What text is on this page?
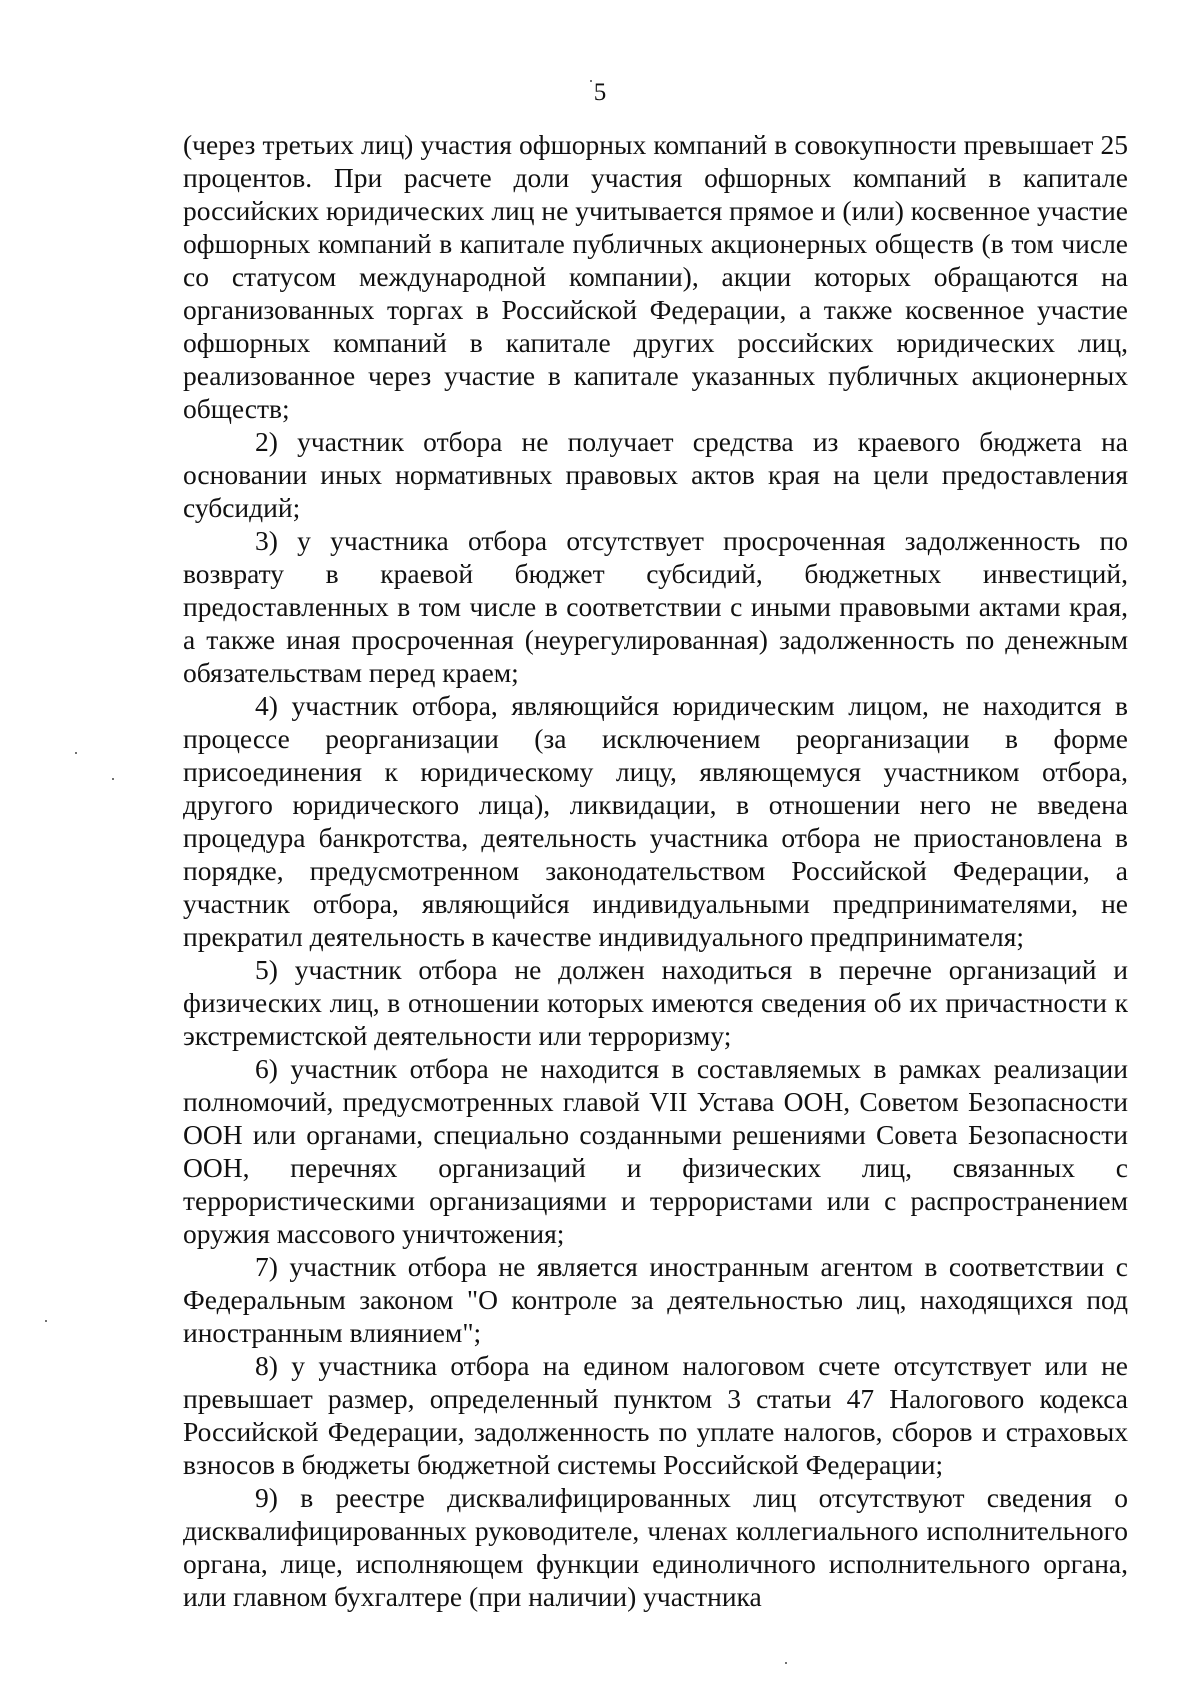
5

(через третьих лиц) участия офшорных компаний в совокупности превышает 25 процентов. При расчете доли участия офшорных компаний в капитале российских юридических лиц не учитывается прямое и (или) косвенное участие офшорных компаний в капитале публичных акционерных обществ (в том числе со статусом международной компании), акции которых обращаются на организованных торгах в Российской Федерации, а также косвенное участие офшорных компаний в капитале других российских юридических лиц, реализованное через участие в капитале указанных публичных акционерных обществ;

2) участник отбора не получает средства из краевого бюджета на основании иных нормативных правовых актов края на цели предоставления субсидий;

3) у участника отбора отсутствует просроченная задолженность по возврату в краевой бюджет субсидий, бюджетных инвестиций, предоставленных в том числе в соответствии с иными правовыми актами края, а также иная просроченная (неурегулированная) задолженность по денежным обязательствам перед краем;

4) участник отбора, являющийся юридическим лицом, не находится в процессе реорганизации (за исключением реорганизации в форме присоединения к юридическому лицу, являющемуся участником отбора, другого юридического лица), ликвидации, в отношении него не введена процедура банкротства, деятельность участника отбора не приостановлена в порядке, предусмотренном законодательством Российской Федерации, а участник отбора, являющийся индивидуальными предпринимателями, не прекратил деятельность в качестве индивидуального предпринимателя;

5) участник отбора не должен находиться в перечне организаций и физических лиц, в отношении которых имеются сведения об их причастности к экстремистской деятельности или терроризму;

6) участник отбора не находится в составляемых в рамках реализации полномочий, предусмотренных главой VII Устава ООН, Советом Безопасности ООН или органами, специально созданными решениями Совета Безопасности ООН, перечнях организаций и физических лиц, связанных с террористическими организациями и террористами или с распространением оружия массового уничтожения;

7) участник отбора не является иностранным агентом в соответствии с Федеральным законом "О контроле за деятельностью лиц, находящихся под иностранным влиянием";

8) у участника отбора на едином налоговом счете отсутствует или не превышает размер, определенный пунктом 3 статьи 47 Налогового кодекса Российской Федерации, задолженность по уплате налогов, сборов и страховых взносов в бюджеты бюджетной системы Российской Федерации;

9) в реестре дисквалифицированных лиц отсутствуют сведения о дисквалифицированных руководителе, членах коллегиального исполнительного органа, лице, исполняющем функции единоличного исполнительного органа, или главном бухгалтере (при наличии) участника
